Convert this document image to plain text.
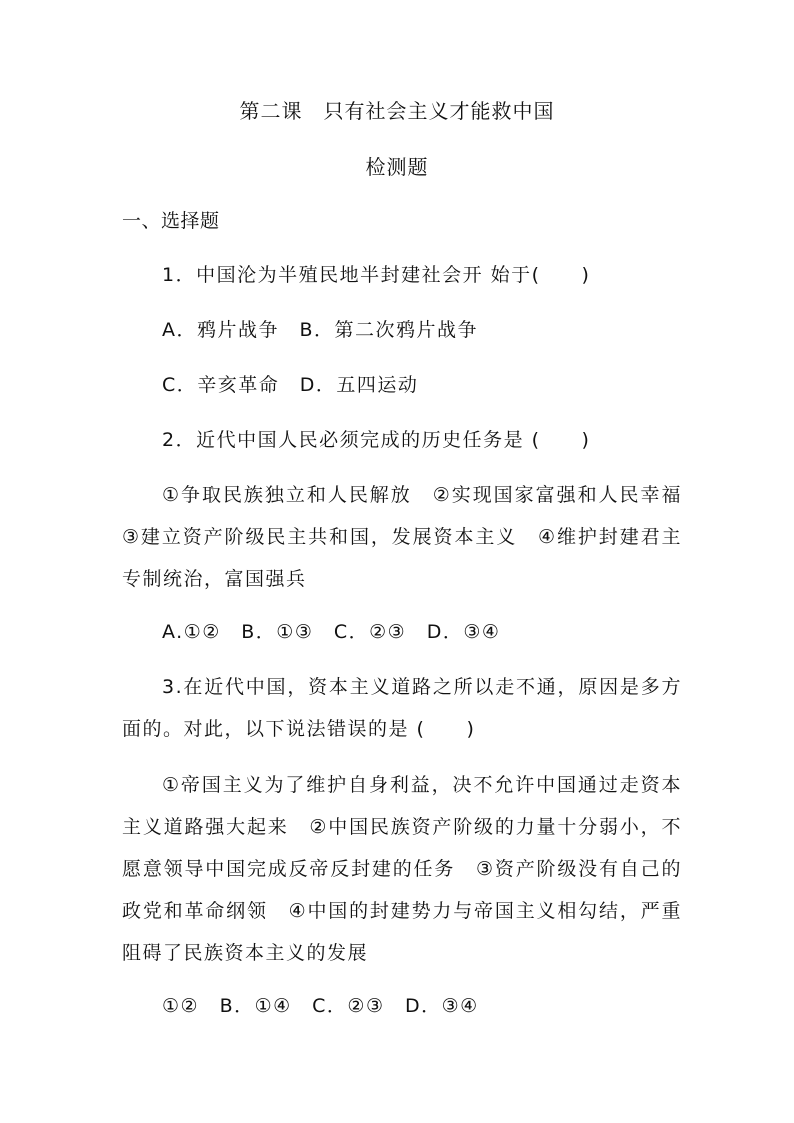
第二课　只有社会主义才能救中国
检测题
一、选择题
1．中国沦为半殖民地半封建社会开 始于(　　)
A．鸦片战争　B．第二次鸦片战争
C．辛亥革命　D．五四运动
2．近代中国人民必须完成的历史任务是 (　　)
①争取民族独立和人民解放　②实现国家富强和人民幸福　③建立资产阶级民主共和国，发展资本主义　④维护封建君主专制统治，富国强兵
A.①②　B．①③　C．②③　D．③④
3.在近代中国，资本主义道路之所以走不通，原因是多方面的。对此，以下说法错误的是 (　　)
①帝国主义为了维护自身利益，决不允许中国通过走资本主义道路强大起来　②中国民族资产阶级的力量十分弱小，不愿意领导中国完成反帝反封建的任务　③资产阶级没有自己的政党和革命纲领　④中国的封建势力与帝国主义相勾结，严重阻碍了民族资本主义的发展
①②　B．①④　C．②③　D．③④
